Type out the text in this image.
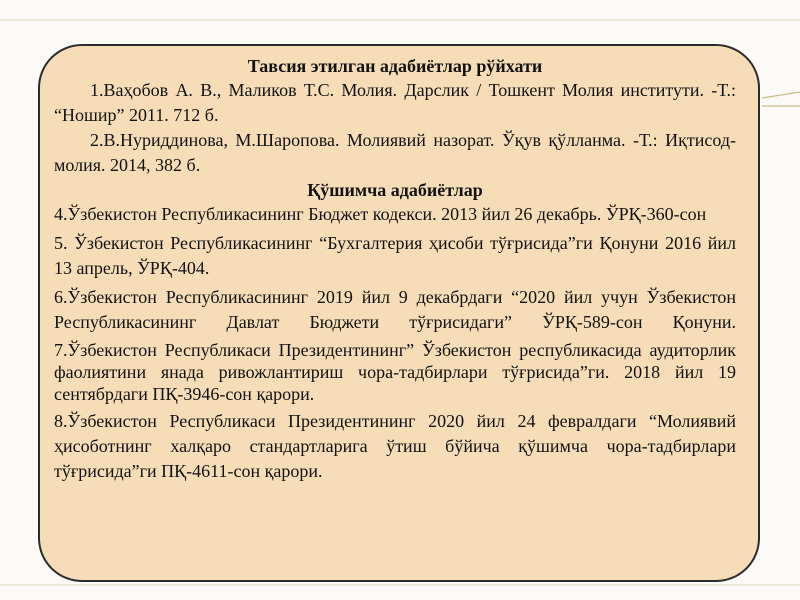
Тавсия этилган адабиётлар рўйхати

1.Ваҳобов А. В., Маликов Т.С. Молия. Дарслик / Тошкент Молия институти. -Т.: “Ношир” 2011. 712 б.

2.В.Нуриддинова, М.Шаропова. Молиявий назорат. Ўқув қўлланма. -Т.: Иқтисод-молия. 2014, 382 б.

Қўшимча адабиётлар

4.Ўзбекистон Республикасининг Бюджет кодекси. 2013 йил 26 декабрь. ЎРҚ-360-сон

5. Ўзбекистон Республикасининг “Бухгалтерия ҳисоби тўғрисида”ги Қонуни 2016 йил 13 апрель, ЎРҚ-404.

6.Ўзбекистон Республикасининг 2019 йил 9 декабрдаги “2020 йил учун Ўзбекистон Республикасининг Давлат Бюджети тўғрисидаги” ЎРҚ-589-сон Қонуни.

7.Ўзбекистон Республикаси Президентининг” Ўзбекистон республикасида аудиторлик фаолиятини янада ривожлантириш чора-тадбирлари тўғрисида”ги. 2018 йил 19 сентябрдаги ПҚ-3946-сон қарори.

8.Ўзбекистон Республикаси Президентининг 2020 йил 24 февралдаги “Молиявий ҳисоботнинг халқаро стандартларига ўтиш бўйича қўшимча чора-тадбирлари тўғрисида”ги ПҚ-4611-сон қарори.
